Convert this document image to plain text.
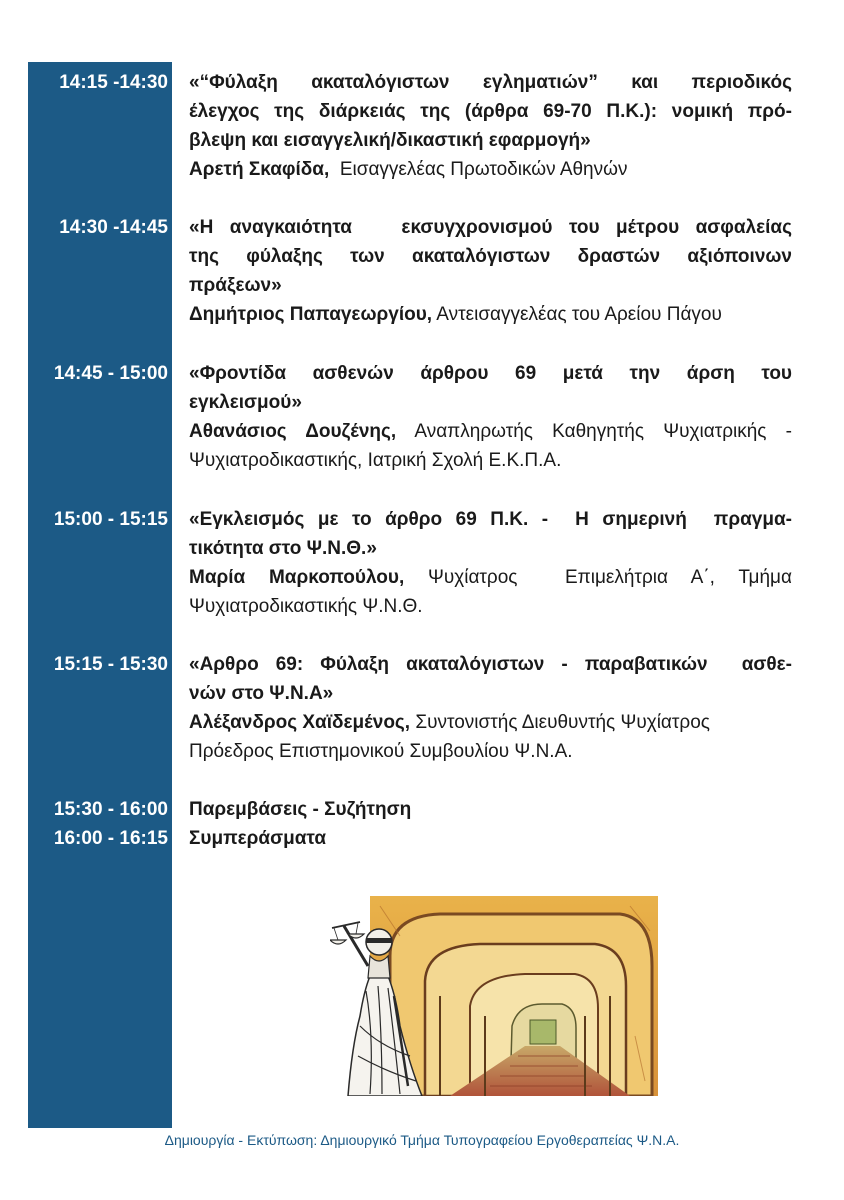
14:15 -14:30 «“Φύλαξη ακαταλόγιστων εγληματιών” και περιοδικός
έλεγχος της διάρκειάς της (άρθρα 69-70 Π.Κ.): νομική πρό-
βλεψη και εισαγγελική/δικαστική εφαρμογή»
Αρετή Σκαφίδα,  Εισαγγελέας Πρωτοδικών Αθηνών
14:30 -14:45 «Η αναγκαιότητα   εκσυγχρονισμού του μέτρου ασφαλείας
της φύλαξης των ακαταλόγιστων δραστών αξιόποινων
πράξεων»
Δημήτριος Παπαγεωργίου, Αντεισαγγελέας του Αρείου Πάγου
14:45 - 15:00 «Φροντίδα ασθενών άρθρου 69 μετά την άρση του
εγκλεισμού»
Αθανάσιος Δουζένης, Αναπληρωτής Καθηγητής Ψυχιατρικής - Ψυχιατροδικαστικής, Ιατρική Σχολή Ε.Κ.Π.Α.
15:00 - 15:15 «Εγκλεισμός με το άρθρο 69 Π.Κ. -  Η σημερινή  πραγμα-
τικότητα στο Ψ.Ν.Θ.»
Μαρία Μαρκοπούλου, Ψυχίατρος  Επιμελήτρια Α΄, Τμήμα Ψυχιατροδικαστικής Ψ.Ν.Θ.
15:15 - 15:30 «Αρθρο 69: Φύλαξη ακαταλόγιστων - παραβατικών  ασθε-
νών στο Ψ.Ν.Α»
Αλέξανδρος Χαϊδεμένος, Συντονιστής Διευθυντής Ψυχίατρος Πρόεδρος Επιστημονικού Συμβουλίου Ψ.Ν.Α.
15:30 - 16:00 Παρεμβάσεις - Συζήτηση
16:00 - 16:15 Συμπεράσματα
Δημιουργία - Εκτύπωση: Δημιουργικό Τμήμα Τυπογραφείου Εργοθεραπείας Ψ.Ν.Α.
